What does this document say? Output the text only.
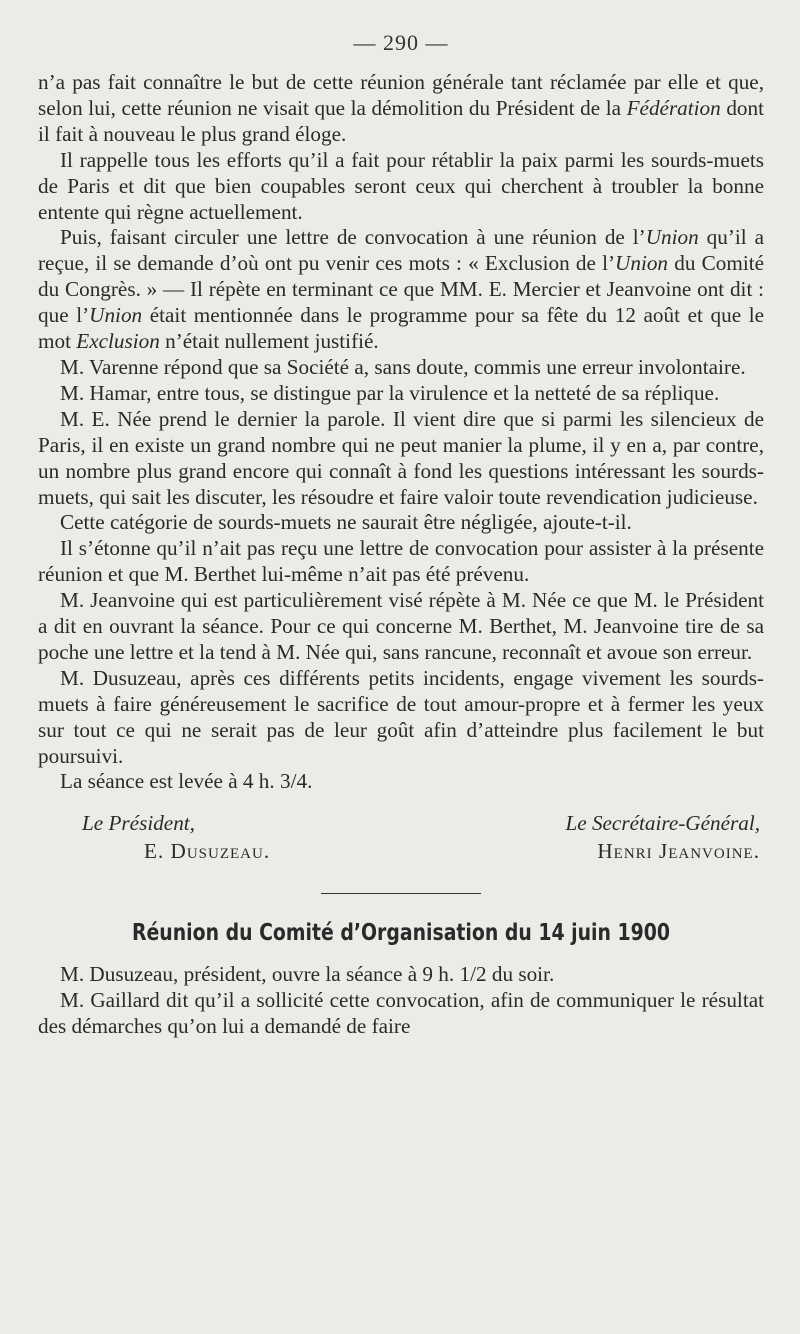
— 290 —

n’a pas fait connaître le but de cette réunion générale tant réclamée par elle et que, selon lui, cette réunion ne visait que la démolition du Président de la Fédération dont il fait à nouveau le plus grand éloge.

Il rappelle tous les efforts qu’il a fait pour rétablir la paix parmi les sourds-muets de Paris et dit que bien coupables seront ceux qui cherchent à troubler la bonne entente qui règne actuellement.

Puis, faisant circuler une lettre de convocation à une réunion de l’Union qu’il a reçue, il se demande d’où ont pu venir ces mots : « Exclusion de l’Union du Comité du Congrès. » — Il répète en terminant ce que MM. E. Mercier et Jeanvoine ont dit : que l’Union était mentionnée dans le programme pour sa fête du 12 août et que le mot Exclusion n’était nullement justifié.

M. Varenne répond que sa Société a, sans doute, commis une erreur involontaire.

M. Hamar, entre tous, se distingue par la virulence et la netteté de sa réplique.

M. E. Née prend le dernier la parole. Il vient dire que si parmi les silencieux de Paris, il en existe un grand nombre qui ne peut manier la plume, il y en a, par contre, un nombre plus grand encore qui connaît à fond les questions intéressant les sourds-muets, qui sait les discuter, les résoudre et faire valoir toute revendication judicieuse.

Cette catégorie de sourds-muets ne saurait être négligée, ajoute-t-il.

Il s’étonne qu’il n’ait pas reçu une lettre de convocation pour assister à la présente réunion et que M. Berthet lui-même n’ait pas été prévenu.

M. Jeanvoine qui est particulièrement visé répète à M. Née ce que M. le Président a dit en ouvrant la séance. Pour ce qui concerne M. Berthet, M. Jeanvoine tire de sa poche une lettre et la tend à M. Née qui, sans rancune, reconnaît et avoue son erreur.

M. Dusuzeau, après ces différents petits incidents, engage vivement les sourds-muets à faire généreusement le sacrifice de tout amour-propre et à fermer les yeux sur tout ce qui ne serait pas de leur goût afin d’atteindre plus facilement le but poursuivi.

La séance est levée à 4 h. 3/4.

Le Président,
E. Dusuzeau.
Le Secrétaire-Général,
Henri Jeanvoine.
Réunion du Comité d’Organisation du 14 juin 1900

M. Dusuzeau, président, ouvre la séance à 9 h. 1/2 du soir.

M. Gaillard dit qu’il a sollicité cette convocation, afin de communiquer le résultat des démarches qu’on lui a demandé de faire
